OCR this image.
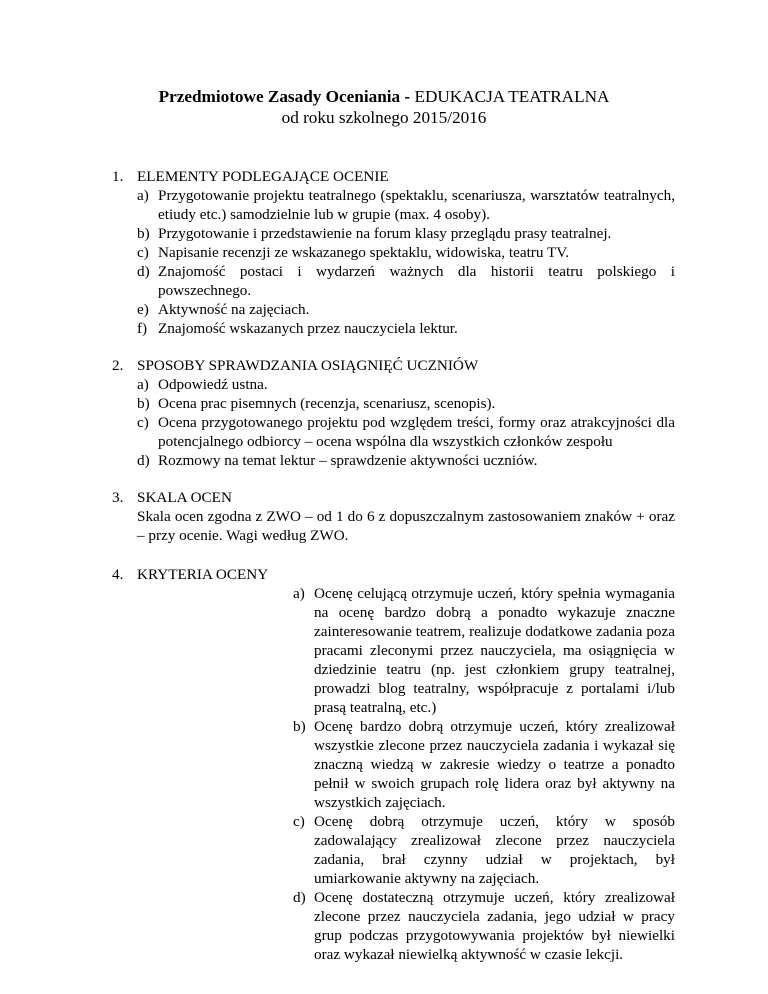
Przedmiotowe Zasady Oceniania - EDUKACJA TEATRALNA
od roku szkolnego 2015/2016
1. ELEMENTY PODLEGAJĄCE OCENIE
a) Przygotowanie projektu teatralnego (spektaklu, scenariusza, warsztatów teatralnych, etiudy etc.) samodzielnie lub w grupie (max. 4 osoby).
b) Przygotowanie i przedstawienie na forum klasy przeglądu prasy teatralnej.
c) Napisanie recenzji ze wskazanego spektaklu, widowiska, teatru TV.
d) Znajomość postaci i wydarzeń ważnych dla historii teatru polskiego i powszechnego.
e) Aktywność na zajęciach.
f) Znajomość wskazanych przez nauczyciela lektur.
2. SPOSOBY SPRAWDZANIA OSIĄGNIĘĆ UCZNIÓW
a) Odpowiedź ustna.
b) Ocena prac pisemnych (recenzja, scenariusz, scenopis).
c) Ocena przygotowanego projektu pod względem treści, formy oraz atrakcyjności dla potencjalnego odbiorcy – ocena wspólna dla wszystkich członków zespołu
d) Rozmowy na temat lektur – sprawdzenie aktywności uczniów.
3. SKALA OCEN
Skala ocen zgodna z ZWO – od 1 do 6 z dopuszczalnym zastosowaniem znaków + oraz – przy ocenie. Wagi według ZWO.
4. KRYTERIA OCENY
a) Ocenę celującą otrzymuje uczeń, który spełnia wymagania na ocenę bardzo dobrą a ponadto wykazuje znaczne zainteresowanie teatrem, realizuje dodatkowe zadania poza pracami zleconymi przez nauczyciela, ma osiągnięcia w dziedzinie teatru (np. jest członkiem grupy teatralnej, prowadzi blog teatralny, współpracuje z portalami i/lub prasą teatralną, etc.)
b) Ocenę bardzo dobrą otrzymuje uczeń, który zrealizował wszystkie zlecone przez nauczyciela zadania i wykazał się znaczną wiedzą w zakresie wiedzy o teatrze a ponadto pełnił w swoich grupach rolę lidera oraz był aktywny na wszystkich zajęciach.
c) Ocenę dobrą otrzymuje uczeń, który w sposób zadowalający zrealizował zlecone przez nauczyciela zadania, brał czynny udział w projektach, był umiarkowanie aktywny na zajęciach.
d) Ocenę dostateczną otrzymuje uczeń, który zrealizował zlecone przez nauczyciela zadania, jego udział w pracy grup podczas przygotowywania projektów był niewielki oraz wykazał niewielką aktywność w czasie lekcji.
